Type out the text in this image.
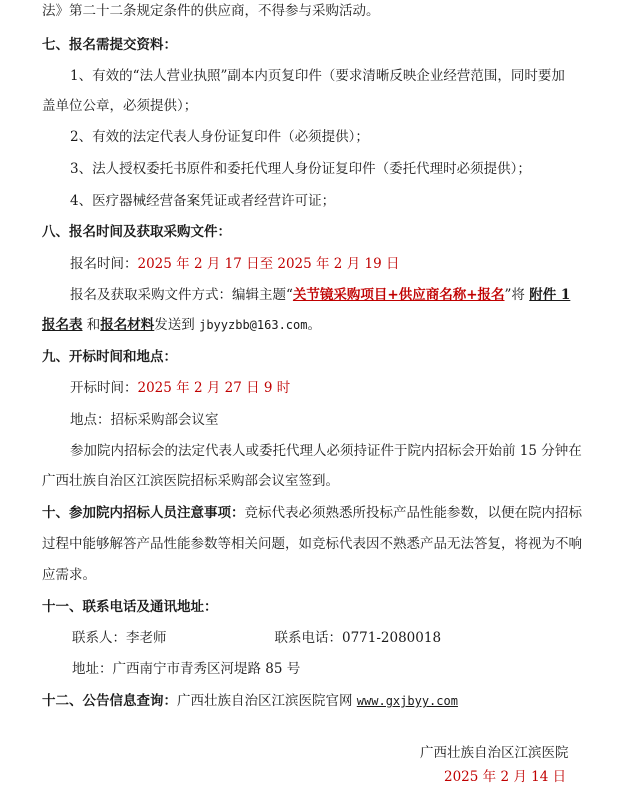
法》第二十二条规定条件的供应商，不得参与采购活动。
七、报名需提交资料：
1、有效的“法人营业执照”副本内页复印件（要求清晰反映企业经营范围，同时要加
盖单位公章，必须提供）；
2、有效的法定代表人身份证复印件（必须提供）；
3、法人授权委托书原件和委托代理人身份证复印件（委托代理时必须提供）；
4、医疗器械经营备案凭证或者经营许可证；
八、报名时间及获取采购文件：
报名时间：2025 年 2 月 17 日至 2025 年 2 月 19 日
报名及获取采购文件方式：编辑主题“关节镜采购项目+供应商名称+报名”将 附件 1
报名表 和报名材料发送到 jbyyzbb@163.com。
九、开标时间和地点：
开标时间：2025 年 2 月 27 日 9 时
地点：招标采购部会议室
参加院内招标会的法定代表人或委托代理人必须持证件于院内招标会开始前 15 分钟在
广西壮族自治区江滨医院招标采购部会议室签到。
十、参加院内招标人员注意事项：竞标代表必须熟悉所投标产品性能参数，以便在院内招标
过程中能够解答产品性能参数等相关问题，如竞标代表因不熟悉产品无法答复，将视为不响
应需求。
十一、联系电话及通讯地址：
联系人：李老师	联系电话：0771-2080018
地址：广西南宁市青秀区河堤路 85 号
十二、公告信息查询：广西壮族自治区江滨医院官网 www.gxjbyy.com
广西壮族自治区江滨医院
2025 年 2 月 14 日
